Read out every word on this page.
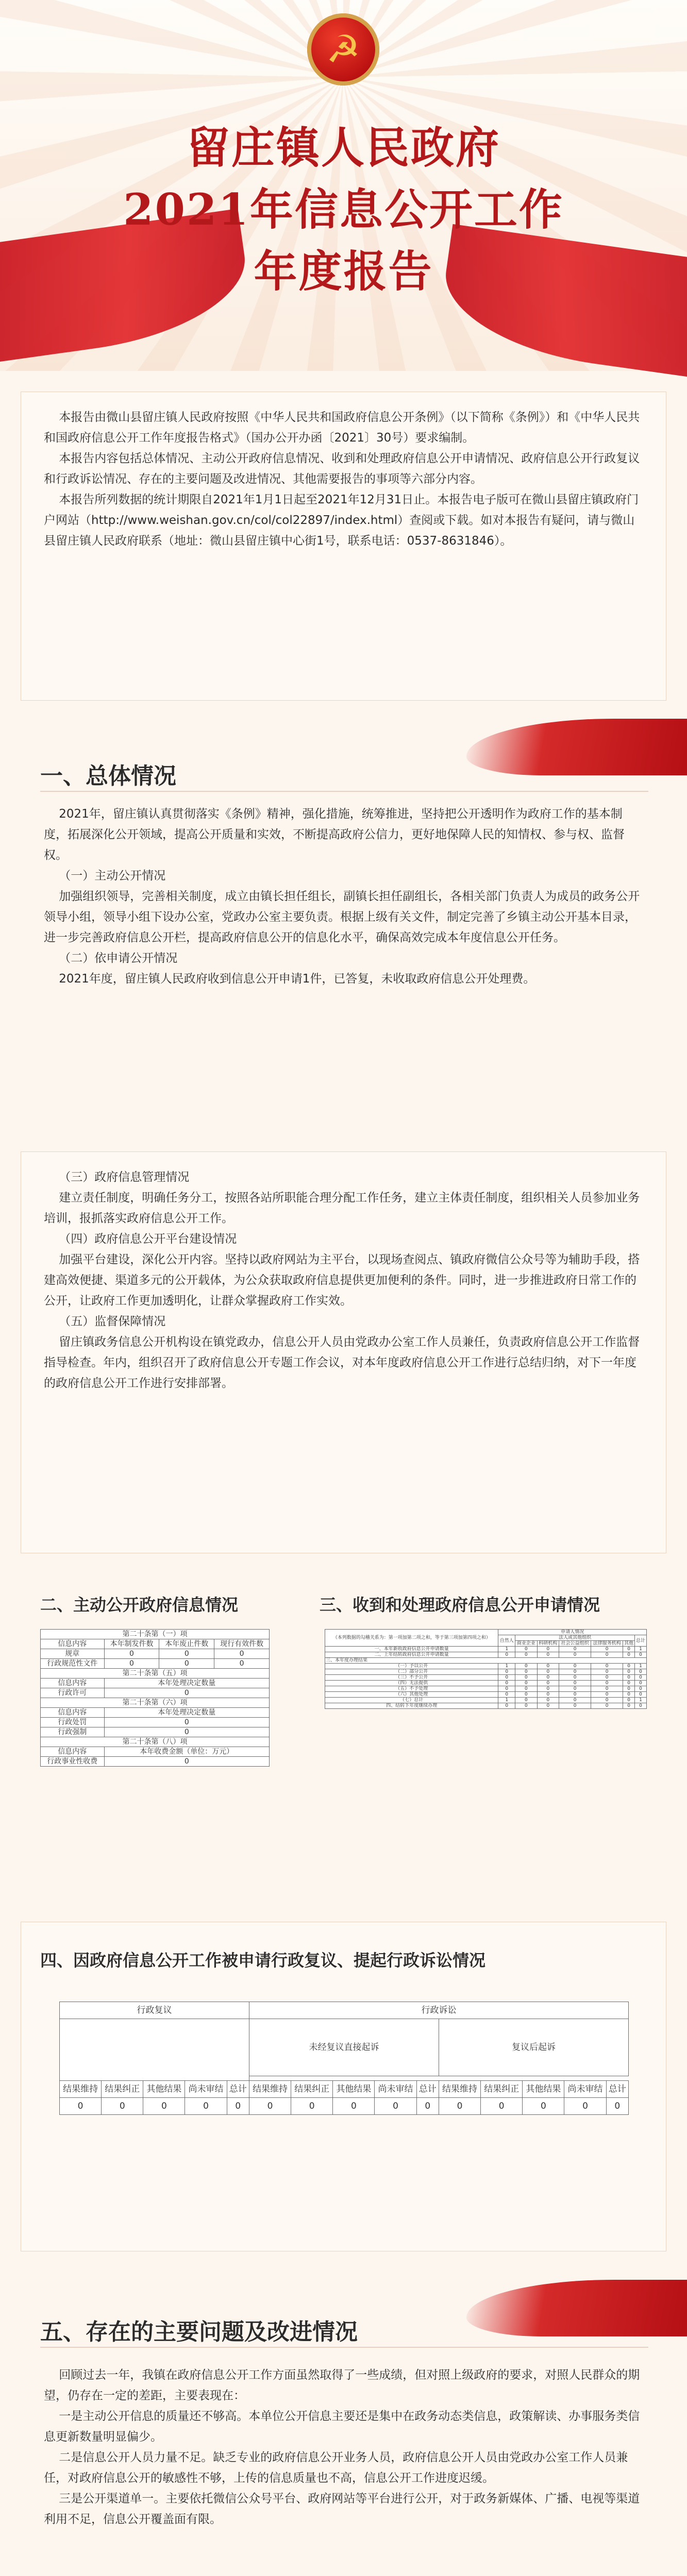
☭
留庄镇人民政府
2021年信息公开工作
年度报告
本报告由微山县留庄镇人民政府按照《中华人民共和国政府信息公开条例》（以下简称《条例》）和《中华人民共和国政府信息公开工作年度报告格式》（国办公开办函〔2021〕30号）要求编制。
本报告内容包括总体情况、主动公开政府信息情况、收到和处理政府信息公开申请情况、政府信息公开行政复议和行政诉讼情况、存在的主要问题及改进情况、其他需要报告的事项等六部分内容。
本报告所列数据的统计期限自2021年1月1日起至2021年12月31日止。本报告电子版可在微山县留庄镇政府门户网站（http://www.weishan.gov.cn/col/col22897/index.html）查阅或下载。如对本报告有疑问，请与微山县留庄镇人民政府联系（地址：微山县留庄镇中心街1号，联系电话：0537-8631846）。
一、总体情况
2021年，留庄镇认真贯彻落实《条例》精神，强化措施，统筹推进，坚持把公开透明作为政府工作的基本制度，拓展深化公开领域，提高公开质量和实效，不断提高政府公信力，更好地保障人民的知情权、参与权、监督权。
（一）主动公开情况
加强组织领导，完善相关制度，成立由镇长担任组长，副镇长担任副组长，各相关部门负责人为成员的政务公开领导小组，领导小组下设办公室，党政办公室主要负责。根据上级有关文件，制定完善了乡镇主动公开基本目录，进一步完善政府信息公开栏，提高政府信息公开的信息化水平，确保高效完成本年度信息公开任务。
（二）依申请公开情况
2021年度，留庄镇人民政府收到信息公开申请1件，已答复，未收取政府信息公开处理费。
（三）政府信息管理情况
建立责任制度，明确任务分工，按照各站所职能合理分配工作任务，建立主体责任制度，组织相关人员参加业务培训，报抓落实政府信息公开工作。
（四）政府信息公开平台建设情况
加强平台建设，深化公开内容。坚持以政府网站为主平台，以现场查阅点、镇政府微信公众号等为辅助手段，搭建高效便捷、渠道多元的公开载体，为公众获取政府信息提供更加便利的条件。同时，进一步推进政府日常工作的公开，让政府工作更加透明化，让群众掌握政府工作实效。
（五）监督保障情况
留庄镇政务信息公开机构设在镇党政办，信息公开人员由党政办公室工作人员兼任，负责政府信息公开工作监督指导检查。年内，组织召开了政府信息公开专题工作会议，对本年度政府信息公开工作进行总结归纳，对下一年度的政府信息公开工作进行安排部署。
二、主动公开政府信息情况	三、收到和处理政府信息公开申请情况
第二十条第（一）项			
信息内容	本年制发件数	本年废止件数	现行有效件数
规章	0	0	0
行政规范性文件	0	0	0
第二十条第（五）项			
信息内容	本年处理决定数量		
行政许可	0		
第二十条第（六）项			
信息内容	本年处理决定数量		
行政处罚	0		
行政强制	0		
第二十条第（八）项			
信息内容	本年收费金额（单位：万元）		
行政事业性收费	0		
（本列数据的勾稽关系为：第一项加第二项之和，等于第三项加第四项之和）	申请人情况						
	自然人	法人或其他组织					总计
		商业企业	科研机构	社会公益组织	法律服务机构	其他	
一、本年新收政府信息公开申请数量	1	0	0	0	0	0	1
二、上年结转政府信息公开申请数量	0	0	0	0	0	0	0
三、本年度办理结果							
（一）予以公开	1	0	0	0	0	0	1
（二）部分公开	0	0	0	0	0	0	0
（三）不予公开	0	0	0	0	0	0	0
（四）无法提供	0	0	0	0	0	0	0
（五）不予处理	0	0	0	0	0	0	0
（六）其他处理	0	0	0	0	0	0	0
（七）总计	1	0	0	0	0	0	1
四、结转下年度继续办理	0	0	0	0	0	0	0
四、因政府信息公开工作被申请行政复议、提起行政诉讼情况
行政复议					行政诉讼									
					未经复议直接起诉					复议后起诉				

结果维持	结果纠正	其他结果	尚未审结	总计	结果维持	结果纠正	其他结果	尚未审结	总计	结果维持	结果纠正	其他结果	尚未审结	总计
0	0	0	0	0	0	0	0	0	0	0	0	0	0	0
五、存在的主要问题及改进情况
回顾过去一年，我镇在政府信息公开工作方面虽然取得了一些成绩，但对照上级政府的要求，对照人民群众的期望，仍存在一定的差距，主要表现在：
一是主动公开信息的质量还不够高。本单位公开信息主要还是集中在政务动态类信息，政策解读、办事服务类信息更新数量明显偏少。
二是信息公开人员力量不足。缺乏专业的政府信息公开业务人员，政府信息公开人员由党政办公室工作人员兼任，对政府信息公开的敏感性不够，上传的信息质量也不高，信息公开工作进度迟缓。
三是公开渠道单一。主要依托微信公众号平台、政府网站等平台进行公开，对于政务新媒体、广播、电视等渠道利用不足，信息公开覆盖面有限。
